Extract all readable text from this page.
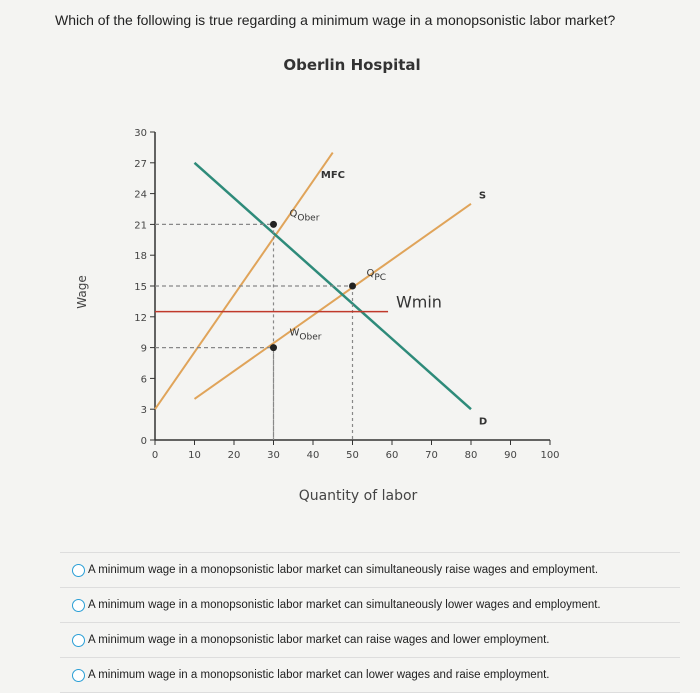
Which of the following is true regarding a minimum wage in a monopsonistic labor market?
Oberlin Hospital
Quantity of labor
Wage
0
3
6
9
12
15
18
21
24
27
30
0	10	20	30	40	50	60	70	80	90 100
MFC
S
D
QOber
QPC
WOber
Wmin
A minimum wage in a monopsonistic labor market can simultaneously raise wages and employment.
A minimum wage in a monopsonistic labor market can simultaneously lower wages and employment.
A minimum wage in a monopsonistic labor market can raise wages and lower employment.
A minimum wage in a monopsonistic labor market can lower wages and raise employment.
